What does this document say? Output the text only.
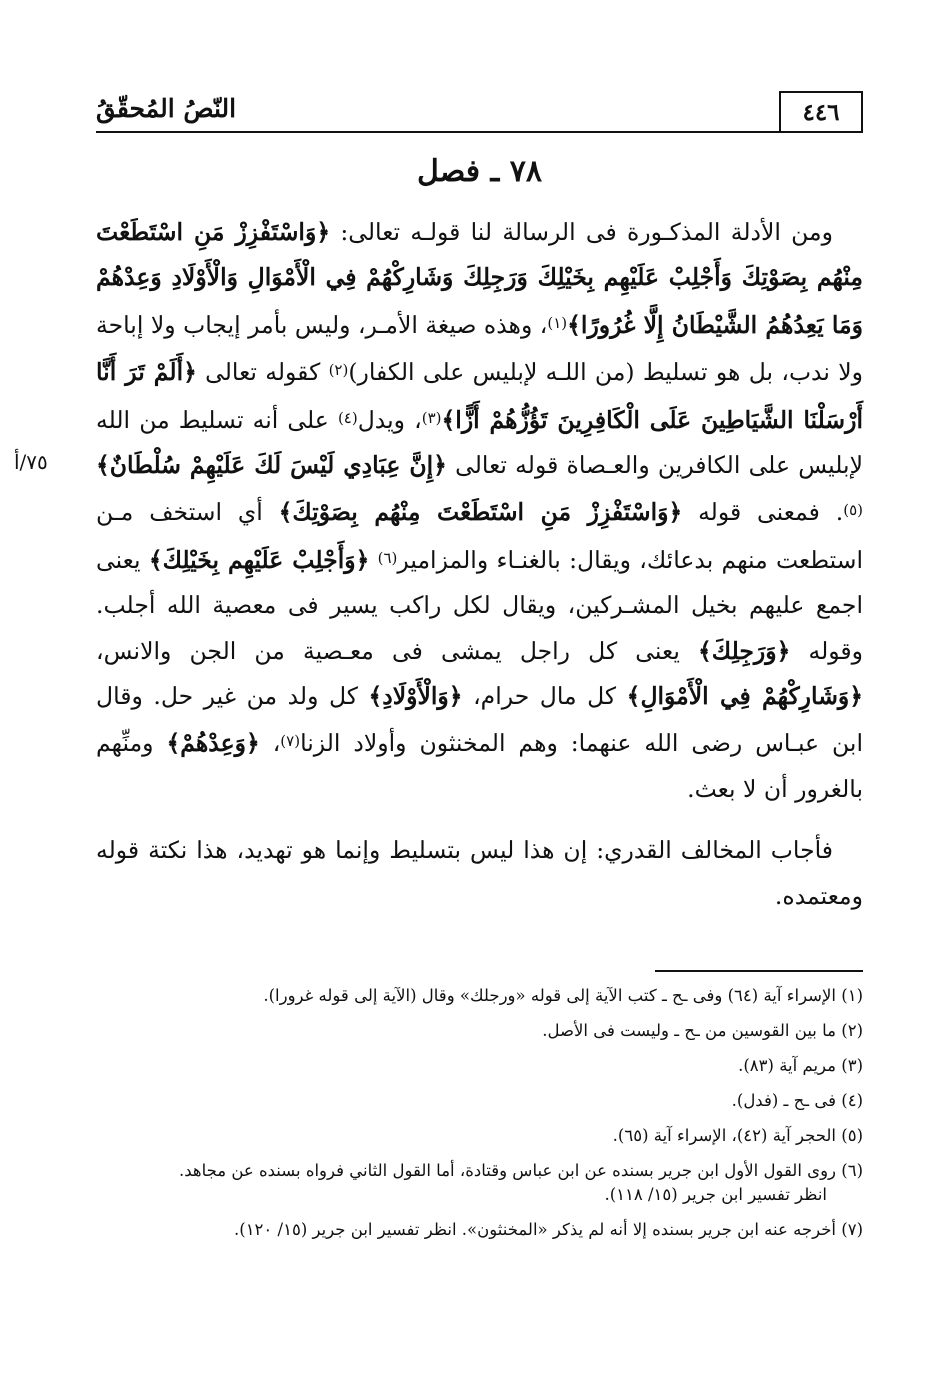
٤٤٦
النّصُ المُحقّقُ
٧٨ ـ فصل
٧٥/أ

ومن الأدلة المذكـورة فى الرسالة لنا قولـه تعالى: ﴿وَاسْتَفْزِزْ مَنِ اسْتَطَعْتَ مِنْهُم بِصَوْتِكَ وَأَجْلِبْ عَلَيْهِم بِخَيْلِكَ وَرَجِلِكَ وَشَارِكْهُمْ فِي الْأَمْوَالِ وَالْأَوْلَادِ وَعِدْهُمْ وَمَا يَعِدُهُمُ الشَّيْطَانُ إِلَّا غُرُورًا﴾$^{(١)}$، وهذه صيغة الأمـر، وليس بأمر إيجاب ولا إباحة ولا ندب، بل هو تسليط (من اللـه لإبليس على الكفار)$^{(٢)}$ كقوله تعالى ﴿أَلَمْ تَرَ أَنَّا أَرْسَلْنَا الشَّيَاطِينَ عَلَى الْكَافِرِينَ تَؤُزُّهُمْ أَزًّا﴾$^{(٣)}$، ويدل$^{(٤)}$ على أنه تسليط من الله لإبليس على الكافرين والعـصاة قوله تعالى ﴿إِنَّ عِبَادِي لَيْسَ لَكَ عَلَيْهِمْ سُلْطَانٌ﴾$^{(٥)}$. فمعنى قوله ﴿وَاسْتَفْزِزْ مَنِ اسْتَطَعْتَ مِنْهُم بِصَوْتِكَ﴾ أي استخف مـن استطعت منهم بدعائك، ويقال: بالغنـاء والمزامير$^{(٦)}$ ﴿وَأَجْلِبْ عَلَيْهِم بِخَيْلِكَ﴾ يعنى اجمع عليهم بخيل المشـركين، ويقال لكل راكب يسير فى معصية الله أجلب. وقوله ﴿وَرَجِلِكَ﴾ يعنى كل راجل يمشى فى معـصية من الجن والانس، ﴿وَشَارِكْهُمْ فِي الْأَمْوَالِ﴾ كل مال حرام، ﴿وَالْأَوْلَادِ﴾ كل ولد من غير حل. وقال ابن عبـاس رضى الله عنهما: وهم المخنثون وأولاد الزنا$^{(٧)}$، ﴿وَعِدْهُمْ﴾ ومنِّهم بالغرور أن لا بعث.

فأجاب المخالف القدري: إن هذا ليس بتسليط وإنما هو تهديد، هذا نكتة قوله ومعتمده.

(١) الإسراء آية (٦٤) وفى ـح ـ كتب الآية إلى قوله «ورجلك» وقال (الآية إلى قوله غرورا).
(٢) ما بين القوسين من ـح ـ وليست فى الأصل.
(٣) مريم آية (٨٣).
(٤) فى ـح ـ (فدل).
(٥) الحجر آية (٤٢)، الإسراء آية (٦٥).
(٦) روى القول الأول ابن جرير بسنده عن ابن عباس وقتادة، أما القول الثاني فرواه بسنده عن مجاهد.
انظر تفسير ابن جرير (١٥/ ١١٨).
(٧) أخرجه عنه ابن جرير بسنده إلا أنه لم يذكر «المخنثون». انظر تفسير ابن جرير (١٥/ ١٢٠).
